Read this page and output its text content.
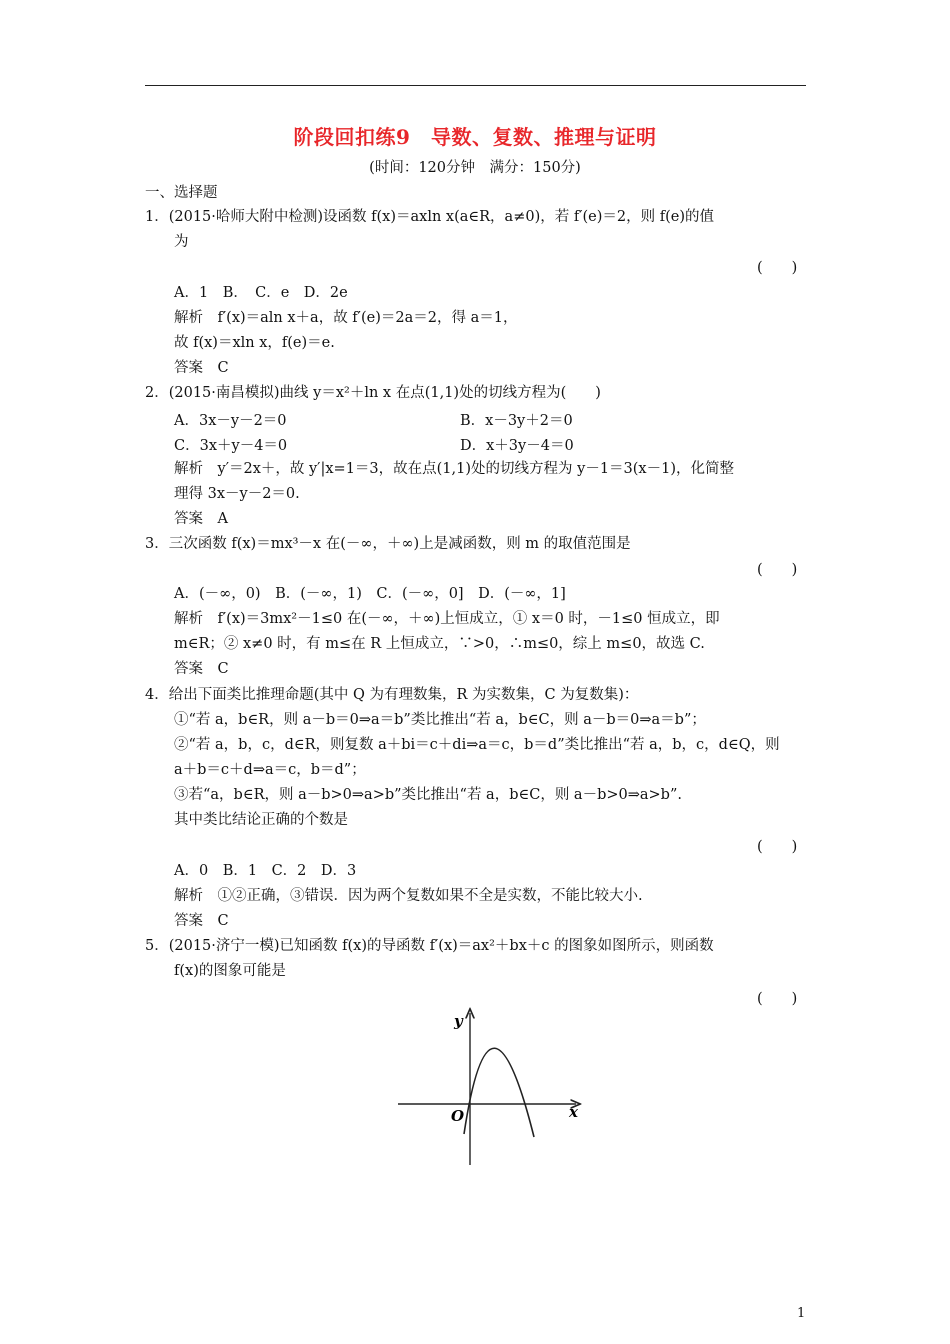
阶段回扣练9　导数、复数、推理与证明
(时间：120分钟　满分：150分)
一、选择题
1．(2015·哈师大附中检测)设函数 f(x)＝axln x(a∈R，a≠0)，若 f′(e)＝2，则 f(e)的值
为
(　　)
A．1　B．　C．e　D．2e
解析　f′(x)＝aln x＋a，故 f′(e)＝2a＝2，得 a＝1，
故 f(x)＝xln x，f(e)＝e.
答案　C
2．(2015·南昌模拟)曲线 y＝x²＋ln x 在点(1,1)处的切线方程为(　　)
A．3x－y－2＝0	B．x－3y＋2＝0
C．3x＋y－4＝0	D．x＋3y－4＝0
解析　y′＝2x＋，故 y′|x=1＝3，故在点(1,1)处的切线方程为 y－1＝3(x－1)，化简整
理得 3x－y－2＝0.
答案　A
3．三次函数 f(x)＝mx³－x 在(－∞，＋∞)上是减函数，则 m 的取值范围是
(　　)
A．(－∞，0)　B．(－∞，1)　C．(－∞，0]　D．(－∞，1]
解析　f′(x)＝3mx²－1≤0 在(－∞，＋∞)上恒成立，① x＝0 时，－1≤0 恒成立，即
m∈R；② x≠0 时，有 m≤在 R 上恒成立，∵>0，∴m≤0，综上 m≤0，故选 C.
答案　C
4．给出下面类比推理命题(其中 Q 为有理数集，R 为实数集，C 为复数集)：
①“若 a，b∈R，则 a－b＝0⇒a＝b”类比推出“若 a，b∈C，则 a－b＝0⇒a＝b”；
②“若 a，b，c，d∈R，则复数 a＋bi＝c＋di⇒a＝c，b＝d”类比推出“若 a，b，c，d∈Q，则
a＋b＝c＋d⇒a＝c，b＝d”；
③若“a，b∈R，则 a－b>0⇒a>b”类比推出“若 a，b∈C，则 a－b>0⇒a>b”.
其中类比结论正确的个数是
(　　)
A．0　B．1　C．2　D．3
解析　①②正确，③错误．因为两个复数如果不全是实数，不能比较大小.
答案　C
5．(2015·济宁一模)已知函数 f(x)的导函数 f′(x)＝ax²＋bx＋c 的图象如图所示，则函数
f(x)的图象可能是
(　　)
y
x
O
1
